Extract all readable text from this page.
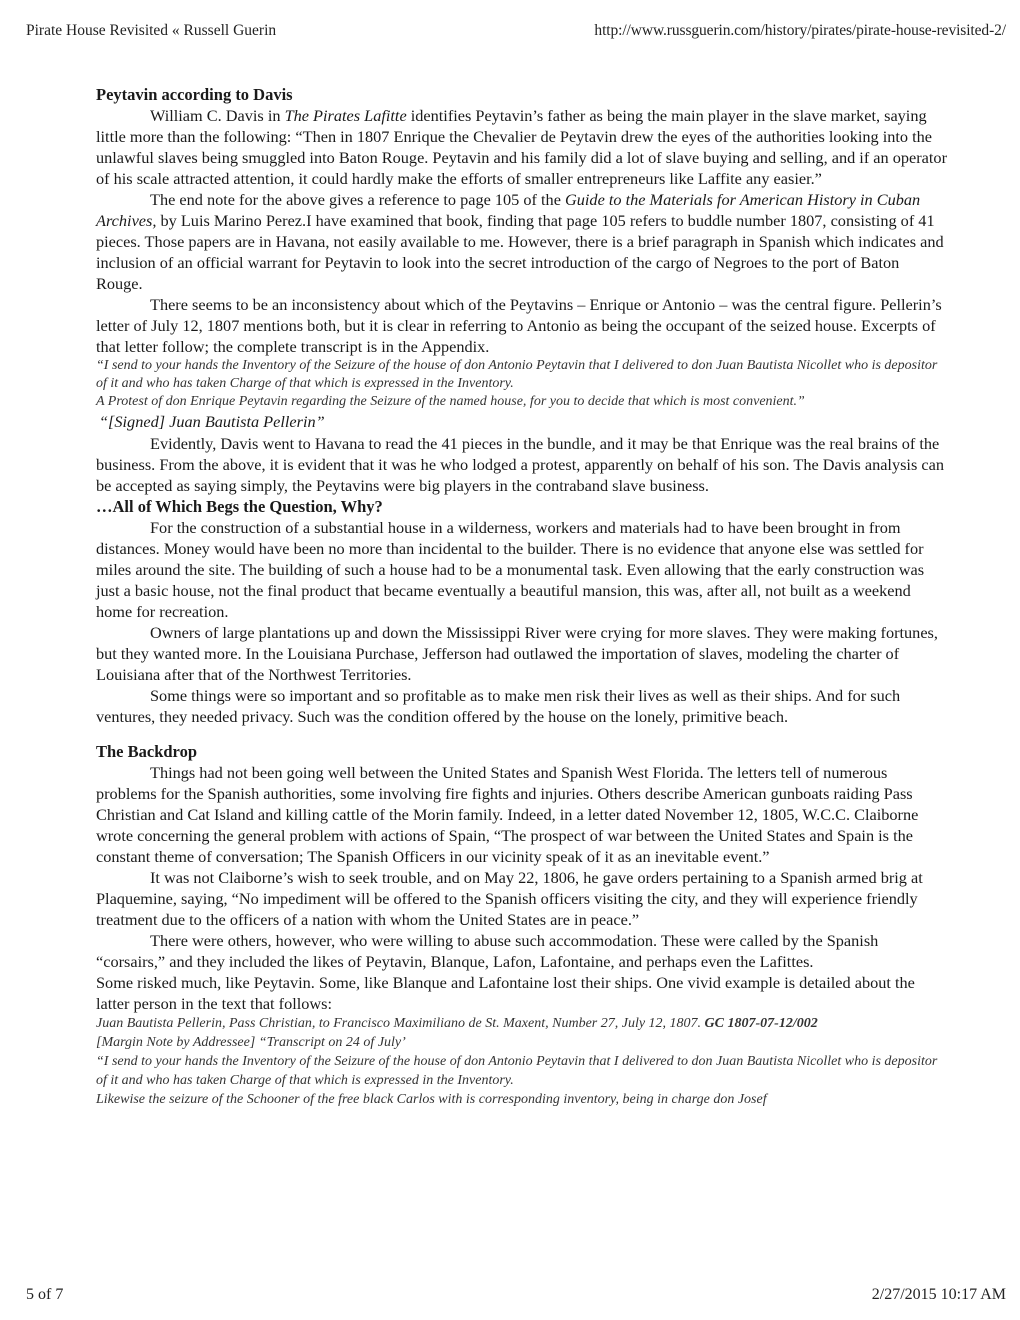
Pirate House Revisited « Russell Guerin	http://www.russguerin.com/history/pirates/pirate-house-revisited-2/
Peytavin according to Davis

William C. Davis in The Pirates Lafitte identifies Peytavin’s father as being the main player in the slave market, saying little more than the following: “Then in 1807 Enrique the Chevalier de Peytavin drew the eyes of the authorities looking into the unlawful slaves being smuggled into Baton Rouge. Peytavin and his family did a lot of slave buying and selling, and if an operator of his scale attracted attention, it could hardly make the efforts of smaller entrepreneurs like Laffite any easier.”

The end note for the above gives a reference to page 105 of the Guide to the Materials for American History in Cuban Archives, by Luis Marino Perez.I have examined that book, finding that page 105 refers to buddle number 1807, consisting of 41 pieces. Those papers are in Havana, not easily available to me. However, there is a brief paragraph in Spanish which indicates and inclusion of an official warrant for Peytavin to look into the secret introduction of the cargo of Negroes to the port of Baton Rouge.

There seems to be an inconsistency about which of the Peytavins – Enrique or Antonio – was the central figure. Pellerin’s letter of July 12, 1807 mentions both, but it is clear in referring to Antonio as being the occupant of the seized house. Excerpts of that letter follow; the complete transcript is in the Appendix.

“I send to your hands the Inventory of the Seizure of the house of don Antonio Peytavin that I delivered to don Juan Bautista Nicollet who is depositor of it and who has taken Charge of that which is expressed in the Inventory.

A Protest of don Enrique Peytavin regarding the Seizure of the named house, for you to decide that which is most convenient.”

“[Signed] Juan Bautista Pellerin”

Evidently, Davis went to Havana to read the 41 pieces in the bundle, and it may be that Enrique was the real brains of the business. From the above, it is evident that it was he who lodged a protest, apparently on behalf of his son. The Davis analysis can be accepted as saying simply, the Peytavins were big players in the contraband slave business.

…All of Which Begs the Question, Why?

For the construction of a substantial house in a wilderness, workers and materials had to have been brought in from distances. Money would have been no more than incidental to the builder. There is no evidence that anyone else was settled for miles around the site. The building of such a house had to be a monumental task. Even allowing that the early construction was just a basic house, not the final product that became eventually a beautiful mansion, this was, after all, not built as a weekend home for recreation.

Owners of large plantations up and down the Mississippi River were crying for more slaves. They were making fortunes, but they wanted more. In the Louisiana Purchase, Jefferson had outlawed the importation of slaves, modeling the charter of Louisiana after that of the Northwest Territories.

Some things were so important and so profitable as to make men risk their lives as well as their ships. And for such ventures, they needed privacy. Such was the condition offered by the house on the lonely, primitive beach.

The Backdrop

Things had not been going well between the United States and Spanish West Florida. The letters tell of numerous problems for the Spanish authorities, some involving fire fights and injuries. Others describe American gunboats raiding Pass Christian and Cat Island and killing cattle of the Morin family. Indeed, in a letter dated November 12, 1805, W.C.C. Claiborne wrote concerning the general problem with actions of Spain, “The prospect of war between the United States and Spain is the constant theme of conversation; The Spanish Officers in our vicinity speak of it as an inevitable event.”

It was not Claiborne’s wish to seek trouble, and on May 22, 1806, he gave orders pertaining to a Spanish armed brig at Plaquemine, saying, “No impediment will be offered to the Spanish officers visiting the city, and they will experience friendly treatment due to the officers of a nation with whom the United States are in peace.”

There were others, however, who were willing to abuse such accommodation. These were called by the Spanish “corsairs,” and they included the likes of Peytavin, Blanque, Lafon, Lafontaine, and perhaps even the Lafittes.

Some risked much, like Peytavin. Some, like Blanque and Lafontaine lost their ships. One vivid example is detailed about the latter person in the text that follows:

Juan Bautista Pellerin, Pass Christian, to Francisco Maximiliano de St. Maxent, Number 27, July 12, 1807. GC 1807-07-12/002

[Margin Note by Addressee] “Transcript on 24 of July’

“I send to your hands the Inventory of the Seizure of the house of don Antonio Peytavin that I delivered to don Juan Bautista Nicollet who is depositor of it and who has taken Charge of that which is expressed in the Inventory.

Likewise the seizure of the Schooner of the free black Carlos with is corresponding inventory, being in charge don Josef

5 of 7	2/27/2015 10:17 AM
